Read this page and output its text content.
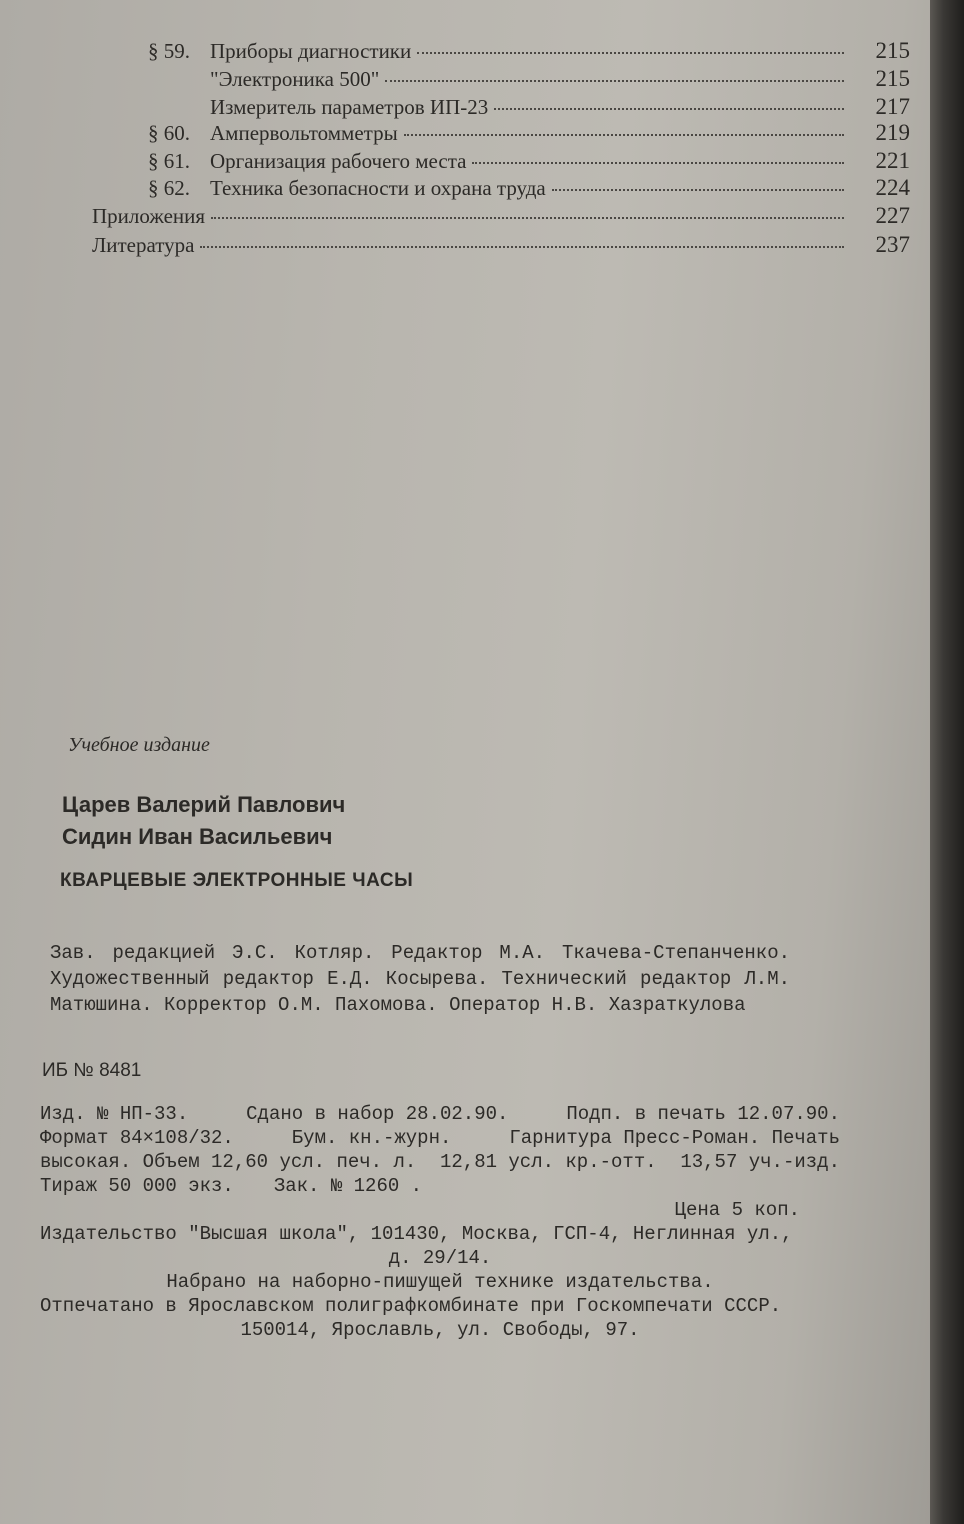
§ 59. Приборы диагностики	215
"Электроника 500"	215
Измеритель параметров ИП-23	217
§ 60. Ампервольтомметры	219
§ 61. Организация рабочего места	221
§ 62. Техника безопасности и охрана труда	224
Приложения	227
Литература	237
Учебное издание
Царев Валерий Павлович
Сидин Иван Васильевич
КВАРЦЕВЫЕ ЭЛЕКТРОННЫЕ ЧАСЫ
Зав. редакцией Э.С. Котляр. Редактор М.А. Ткачева-Степанченко. Художественный редактор Е.Д. Косырева. Технический редактор Л.М. Матюшина. Корректор О.М. Пахомова. Оператор Н.В. Хазраткулова
ИБ № 8481
Изд. № НП-33.	Сдано в набор 28.02.90.	Подп. в печать 12.07.90.
Формат 84×108/32.	Бум. кн.-журн.	Гарнитура Пресс-Роман. Печать
высокая. Объем 12,60 усл. печ. л. 12,81 усл. кр.-отт. 13,57 уч.-изд.
Тираж 50 000 экз. Зак. № 1260 .
Цена 5 коп.
Издательство "Высшая школа", 101430, Москва, ГСП-4, Неглинная ул.,
д. 29/14.
Набрано на наборно-пишущей технике издательства.
Отпечатано в Ярославском полиграфкомбинате при Госкомпечати СССР.
150014, Ярославль, ул. Свободы, 97.
